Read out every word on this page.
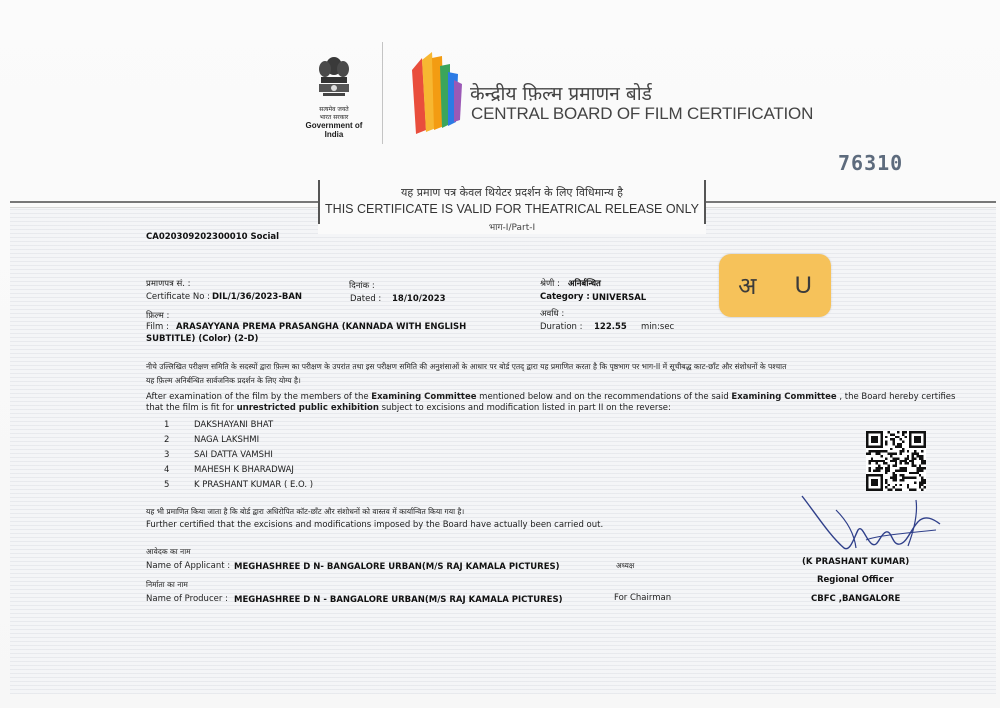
सत्यमेव जयते
भारत सरकार
Government of India
केन्द्रीय फ़िल्म प्रमाणन बोर्ड
CENTRAL BOARD OF FILM CERTIFICATION
76310
यह प्रमाण पत्र केवल थियेटर प्रदर्शन के लिए विधिमान्य है
THIS CERTIFICATE IS VALID FOR THEATRICAL RELEASE ONLY
भाग-I/Part-I
CA020309202300010 Social
प्रमाणपत्र सं. :
Certificate No : DIL/1/36/2023-BAN
दिनांक :
Dated : 18/10/2023
श्रेणी : अनिर्बन्धित
Category : UNIVERSAL	अ U
फ़िल्म :
Film : ARASAYYANA PREMA PRASANGHA (KANNADA WITH ENGLISH
SUBTITLE) (Color) (2-D)
अवधि :
Duration : 122.55 min:sec
नीचे उल्लिखित परीक्षण समिति के सदस्यों द्वारा फ़िल्म का परीक्षण के उपरांत तथा इस परीक्षण समिति की अनुशंसाओं के आधार पर बोर्ड एतद् द्वारा यह प्रमाणित करता है कि पृष्ठभाग पर भाग-II में सूचीबद्ध काट-छाँट और संशोधनों के पश्चात
यह फ़िल्म अनिर्बन्धित सार्वजनिक प्रदर्शन के लिए योग्य है।
After examination of the film by the members of the Examining Committee mentioned below and on the recommendations of the said Examining Committee , the Board hereby certifies
that the film is fit for unrestricted public exhibition subject to excisions and modification listed in part II on the reverse:
1	DAKSHAYANI BHAT
2	NAGA LAKSHMI
3	SAI DATTA VAMSHI
4	MAHESH K BHARADWAJ
5	K PRASHANT KUMAR ( E.O. )
यह भी प्रमाणित किया जाता है कि बोर्ड द्वारा अधिरोपित कॉट-छाँट और संशोधनों को वास्तव में कार्यान्वित किया गया है।
Further certified that the excisions and modifications imposed by the Board have actually been carried out.
आवेदक का नाम
Name of Applicant : MEGHASHREE D N- BANGALORE URBAN(M/S RAJ KAMALA PICTURES)
निर्माता का नाम
Name of Producer : MEGHASHREE D N - BANGALORE URBAN(M/S RAJ KAMALA PICTURES)
अध्यक्ष
For Chairman
(K PRASHANT KUMAR)
Regional Officer
CBFC ,BANGALORE
